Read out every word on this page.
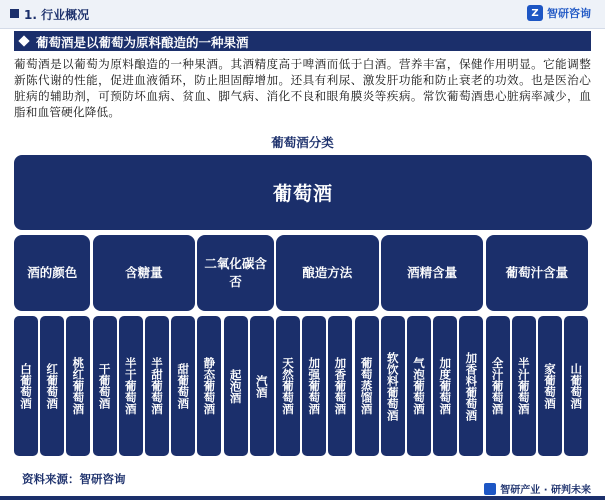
1. 行业概况	Z 智研咨询
葡萄酒是以葡萄为原料酿造的一种果酒
葡萄酒是以葡萄为原料酿造的一种果酒。其酒精度高于啤酒而低于白酒。营养丰富，保健作用明显。它能调整新陈代谢的性能，促进血液循环，防止胆固醇增加。还具有利尿、激发肝功能和防止衰老的功效。也是医治心脏病的辅助剂，可预防坏血病、贫血、脚气病、消化不良和眼角膜炎等疾病。常饮葡萄酒患心脏病率减少，血脂和血管硬化降低。
葡萄酒分类
葡萄酒
酒的颜色
白葡萄酒 红葡萄酒 桃红葡萄酒
含糖量
干葡萄酒 半干葡萄酒 半甜葡萄酒 甜葡萄酒
二氧化碳含否
静态葡萄酒 起泡酒 汽酒
酿造方法
天然葡萄酒 加强葡萄酒 加香葡萄酒 葡萄蒸馏酒
酒精含量
软饮料葡萄酒 气泡葡萄酒 加度葡萄酒 加香料葡萄酒
葡萄汁含量
全汁葡萄酒 半汁葡萄酒 家葡萄酒 山葡萄酒
资料来源：智研咨询
智研产业 · 研判未来
